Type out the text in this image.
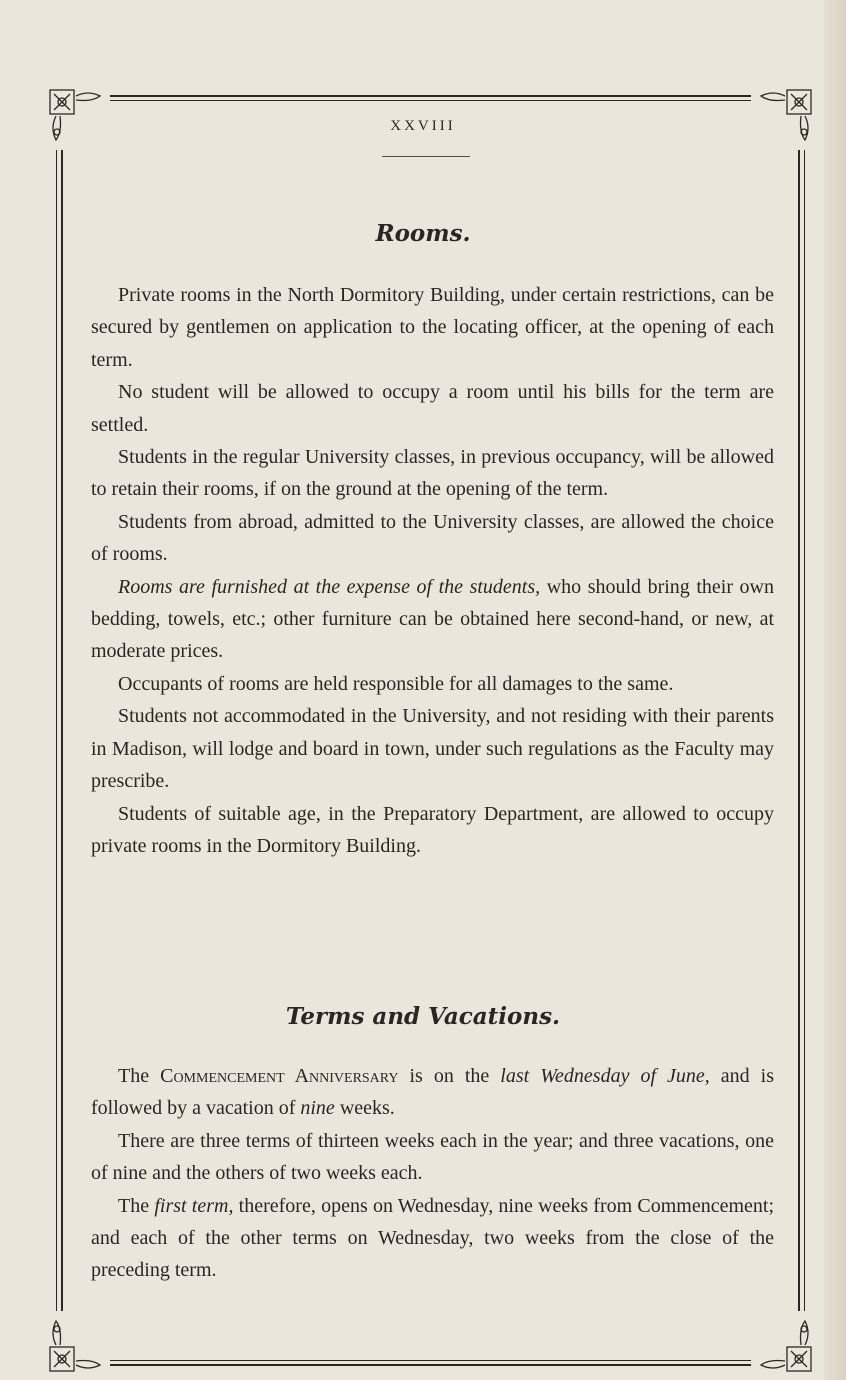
XXVIII
Rooms.

Private rooms in the North Dormitory Building, under certain restrictions, can be secured by gentlemen on application to the locating officer, at the opening of each term.

No student will be allowed to occupy a room until his bills for the term are settled.

Students in the regular University classes, in previous occupancy, will be allowed to retain their rooms, if on the ground at the opening of the term.

Students from abroad, admitted to the University classes, are allowed the choice of rooms.

Rooms are furnished at the expense of the students, who should bring their own bedding, towels, etc.; other furniture can be obtained here second-hand, or new, at moderate prices.

Occupants of rooms are held responsible for all damages to the same.

Students not accommodated in the University, and not residing with their parents in Madison, will lodge and board in town, under such regulations as the Faculty may prescribe.

Students of suitable age, in the Preparatory Department, are allowed to occupy private rooms in the Dormitory Building.

Terms and Vacations.

The Commencement Anniversary is on the last Wednesday of June, and is followed by a vacation of nine weeks.

There are three terms of thirteen weeks each in the year; and three vacations, one of nine and the others of two weeks each.

The first term, therefore, opens on Wednesday, nine weeks from Commencement; and each of the other terms on Wednesday, two weeks from the close of the preceding term.
